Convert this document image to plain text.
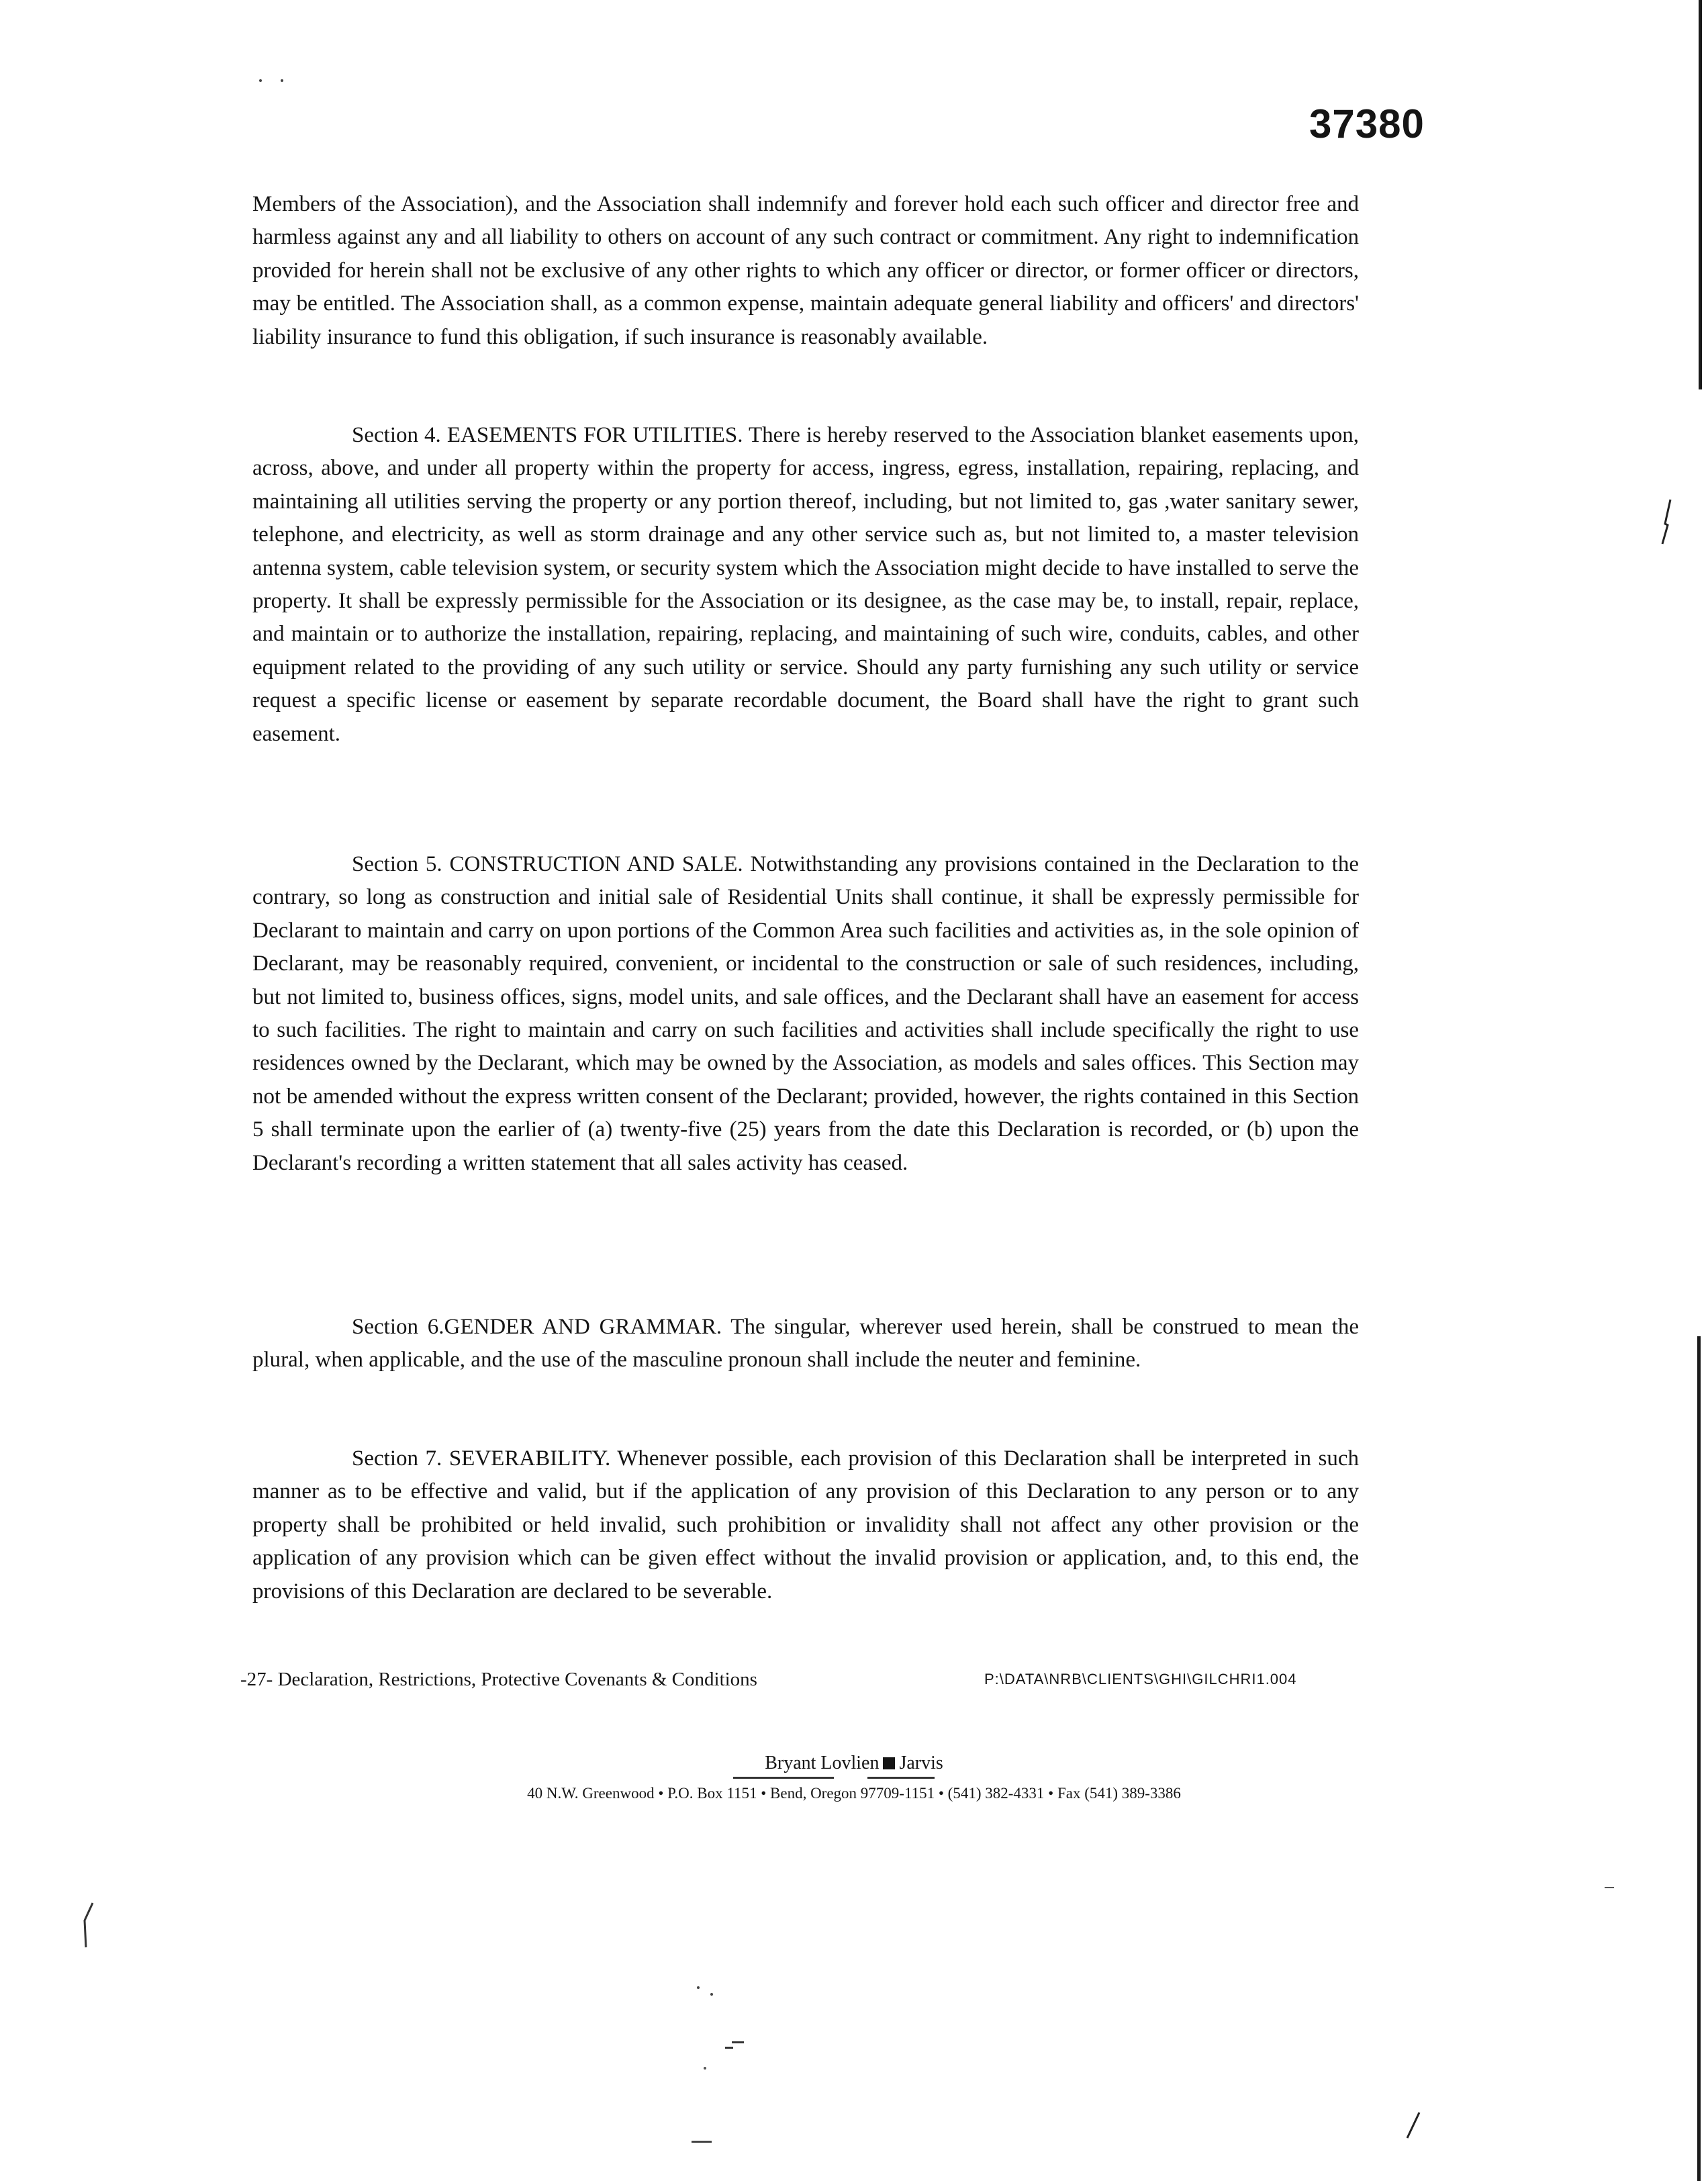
37380

Members of the Association), and the Association shall indemnify and forever hold each such officer and director free and harmless against any and all liability to others on account of any such contract or commitment. Any right to indemnification provided for herein shall not be exclusive of any other rights to which any officer or director, or former officer or directors, may be entitled. The Association shall, as a common expense, maintain adequate general liability and officers' and directors' liability insurance to fund this obligation, if such insurance is reasonably available.

Section 4. EASEMENTS FOR UTILITIES. There is hereby reserved to the Association blanket easements upon, across, above, and under all property within the property for access, ingress, egress, installation, repairing, replacing, and maintaining all utilities serving the property or any portion thereof, including, but not limited to, gas ,water sanitary sewer, telephone, and electricity, as well as storm drainage and any other service such as, but not limited to, a master television antenna system, cable television system, or security system which the Association might decide to have installed to serve the property. It shall be expressly permissible for the Association or its designee, as the case may be, to install, repair, replace, and maintain or to authorize the installation, repairing, replacing, and maintaining of such wire, conduits, cables, and other equipment related to the providing of any such utility or service. Should any party furnishing any such utility or service request a specific license or easement by separate recordable document, the Board shall have the right to grant such easement.

Section 5. CONSTRUCTION AND SALE. Notwithstanding any provisions contained in the Declaration to the contrary, so long as construction and initial sale of Residential Units shall continue, it shall be expressly permissible for Declarant to maintain and carry on upon portions of the Common Area such facilities and activities as, in the sole opinion of Declarant, may be reasonably required, convenient, or incidental to the construction or sale of such residences, including, but not limited to, business offices, signs, model units, and sale offices, and the Declarant shall have an easement for access to such facilities. The right to maintain and carry on such facilities and activities shall include specifically the right to use residences owned by the Declarant, which may be owned by the Association, as models and sales offices. This Section may not be amended without the express written consent of the Declarant; provided, however, the rights contained in this Section 5 shall terminate upon the earlier of (a) twenty-five (25) years from the date this Declaration is recorded, or (b) upon the Declarant's recording a written statement that all sales activity has ceased.

Section 6.GENDER AND GRAMMAR. The singular, wherever used herein, shall be construed to mean the plural, when applicable, and the use of the masculine pronoun shall include the neuter and feminine.

Section 7. SEVERABILITY. Whenever possible, each provision of this Declaration shall be interpreted in such manner as to be effective and valid, but if the application of any provision of this Declaration to any person or to any property shall be prohibited or held invalid, such prohibition or invalidity shall not affect any other provision or the application of any provision which can be given effect without the invalid provision or application, and, to this end, the provisions of this Declaration are declared to be severable.

-27- Declaration, Restrictions, Protective Covenants & Conditions	P:\DATA\NRB\CLIENTS\GHI\GILCHRI1.004
Bryant Lovlien Jarvis
40 N.W. Greenwood • P.O. Box 1151 • Bend, Oregon 97709-1151 • (541) 382-4331 • Fax (541) 389-3386
